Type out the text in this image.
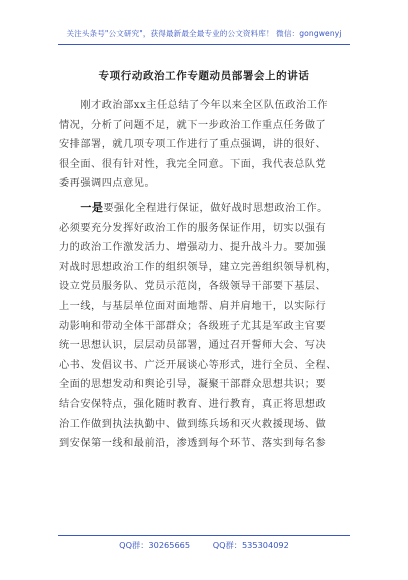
关注头条号"公文研究"，获得最新最全最专业的公文资料库！ 微信：gongwenyj
专项行动政治工作专题动员部署会上的讲话
　　刚才政治部xx主任总结了今年以来全区队伍政治工作
情况，分析了问题不足，就下一步政治工作重点任务做了
安排部署，就几项专项工作进行了重点强调，讲的很好、
很全面、很有针对性，我完全同意。下面，我代表总队党
委再强调四点意见。
　　一是要强化全程进行保证，做好战时思想政治工作。
必须要充分发挥好政治工作的服务保证作用，切实以强有
力的政治工作激发活力、增强动力、提升战斗力。要加强
对战时思想政治工作的组织领导，建立完善组织领导机构，
设立党员服务队、党员示范岗，各级领导干部要下基层、
上一线，与基层单位面对面地帮、肩并肩地干，以实际行
动影响和带动全体干部群众；各级班子尤其是军政主官要
统一思想认识，层层动员部署，通过召开誓师大会、写决
心书、发倡议书、广泛开展谈心等形式，进行全员、全程、
全面的思想发动和舆论引导，凝聚干部群众思想共识；要
结合安保特点，强化随时教育、进行教育，真正将思想政
治工作做到执法执勤中、做到练兵场和灭火救援现场、做
到安保第一线和最前沿，渗透到每个环节、落实到每名参
QQ群：30265665	QQ群：535304092
